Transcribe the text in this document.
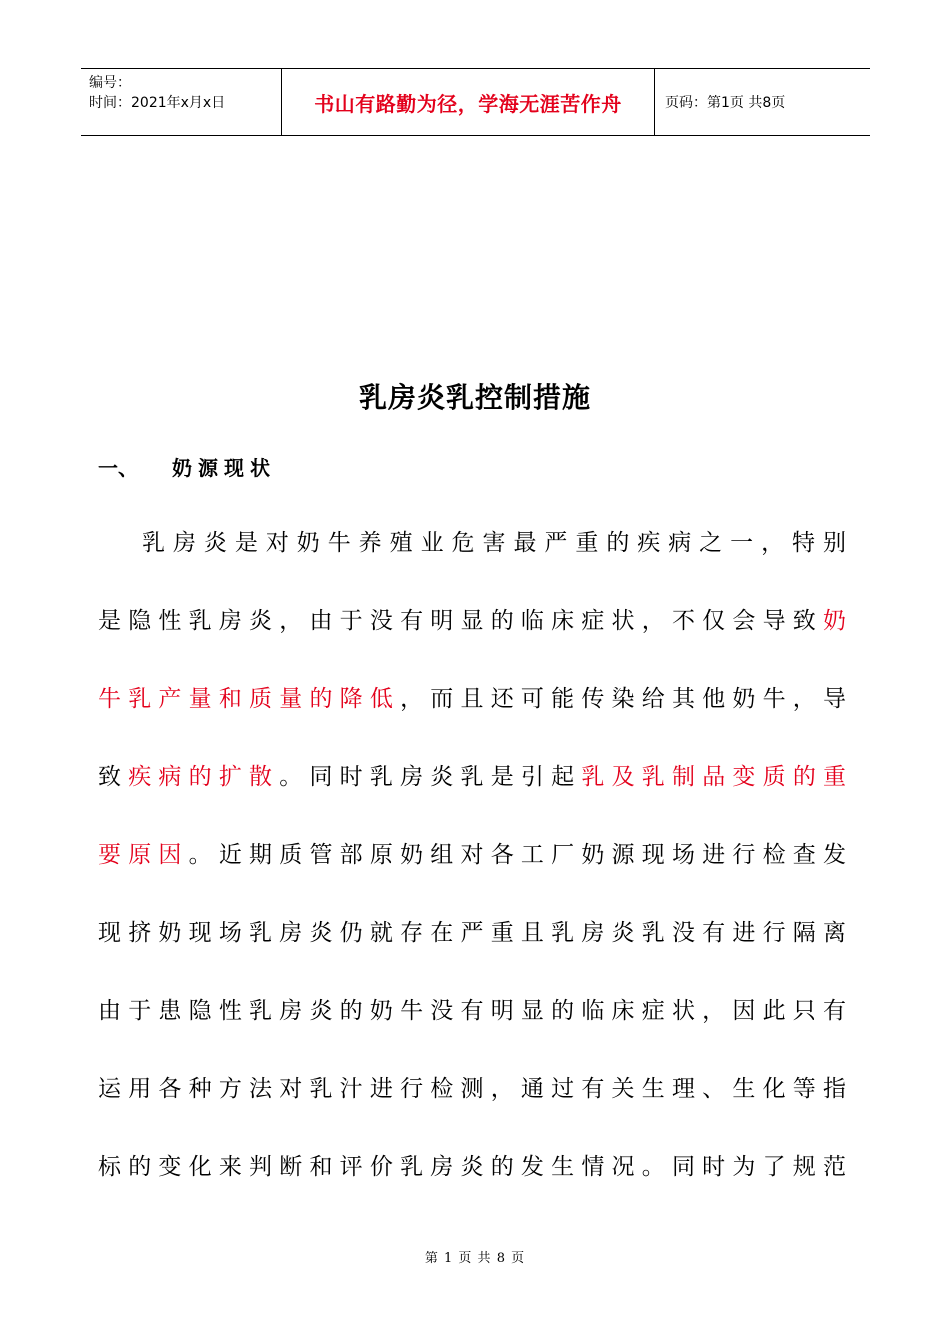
编号：
时间：2021年x月x日	书山有路勤为径，学海无涯苦作舟	页码：第1页 共8页
乳房炎乳控制措施
一、	奶源现状
乳房炎是对奶牛养殖业危害最严重的疾病之一，特别
是隐性乳房炎，由于没有明显的临床症状，不仅会导致奶
牛乳产量和质量的降低，而且还可能传染给其他奶牛，导
致疾病的扩散。同时乳房炎乳是引起乳及乳制品变质的重
要原因。近期质管部原奶组对各工厂奶源现场进行检查发
现挤奶现场乳房炎仍就存在严重且乳房炎乳没有进行隔离
由于患隐性乳房炎的奶牛没有明显的临床症状，因此只有
运用各种方法对乳汁进行检测，通过有关生理、生化等指
标的变化来判断和评价乳房炎的发生情况。同时为了规范
第 1 页 共 8 页
